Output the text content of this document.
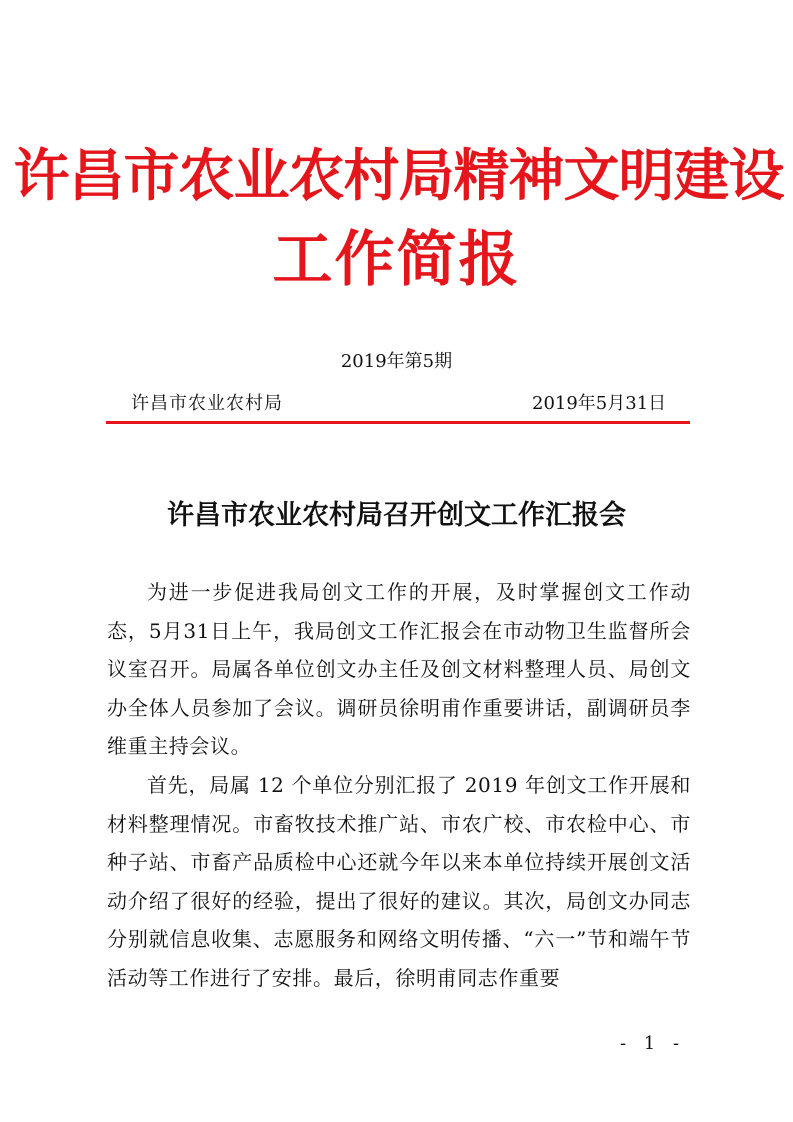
许昌市农业农村局精神文明建设
工作简报
2019年第5期
许昌市农业农村局	2019年5月31日
许昌市农业农村局召开创文工作汇报会

为进一步促进我局创文工作的开展，及时掌握创文工作动态，5月31日上午，我局创文工作汇报会在市动物卫生监督所会议室召开。局属各单位创文办主任及创文材料整理人员、局创文办全体人员参加了会议。调研员徐明甫作重要讲话，副调研员李维重主持会议。

首先，局属 12 个单位分别汇报了 2019 年创文工作开展和材料整理情况。市畜牧技术推广站、市农广校、市农检中心、市种子站、市畜产品质检中心还就今年以来本单位持续开展创文活动介绍了很好的经验，提出了很好的建议。其次，局创文办同志分别就信息收集、志愿服务和网络文明传播、“六一”节和端午节活动等工作进行了安排。最后，徐明甫同志作重要

- 1 -
